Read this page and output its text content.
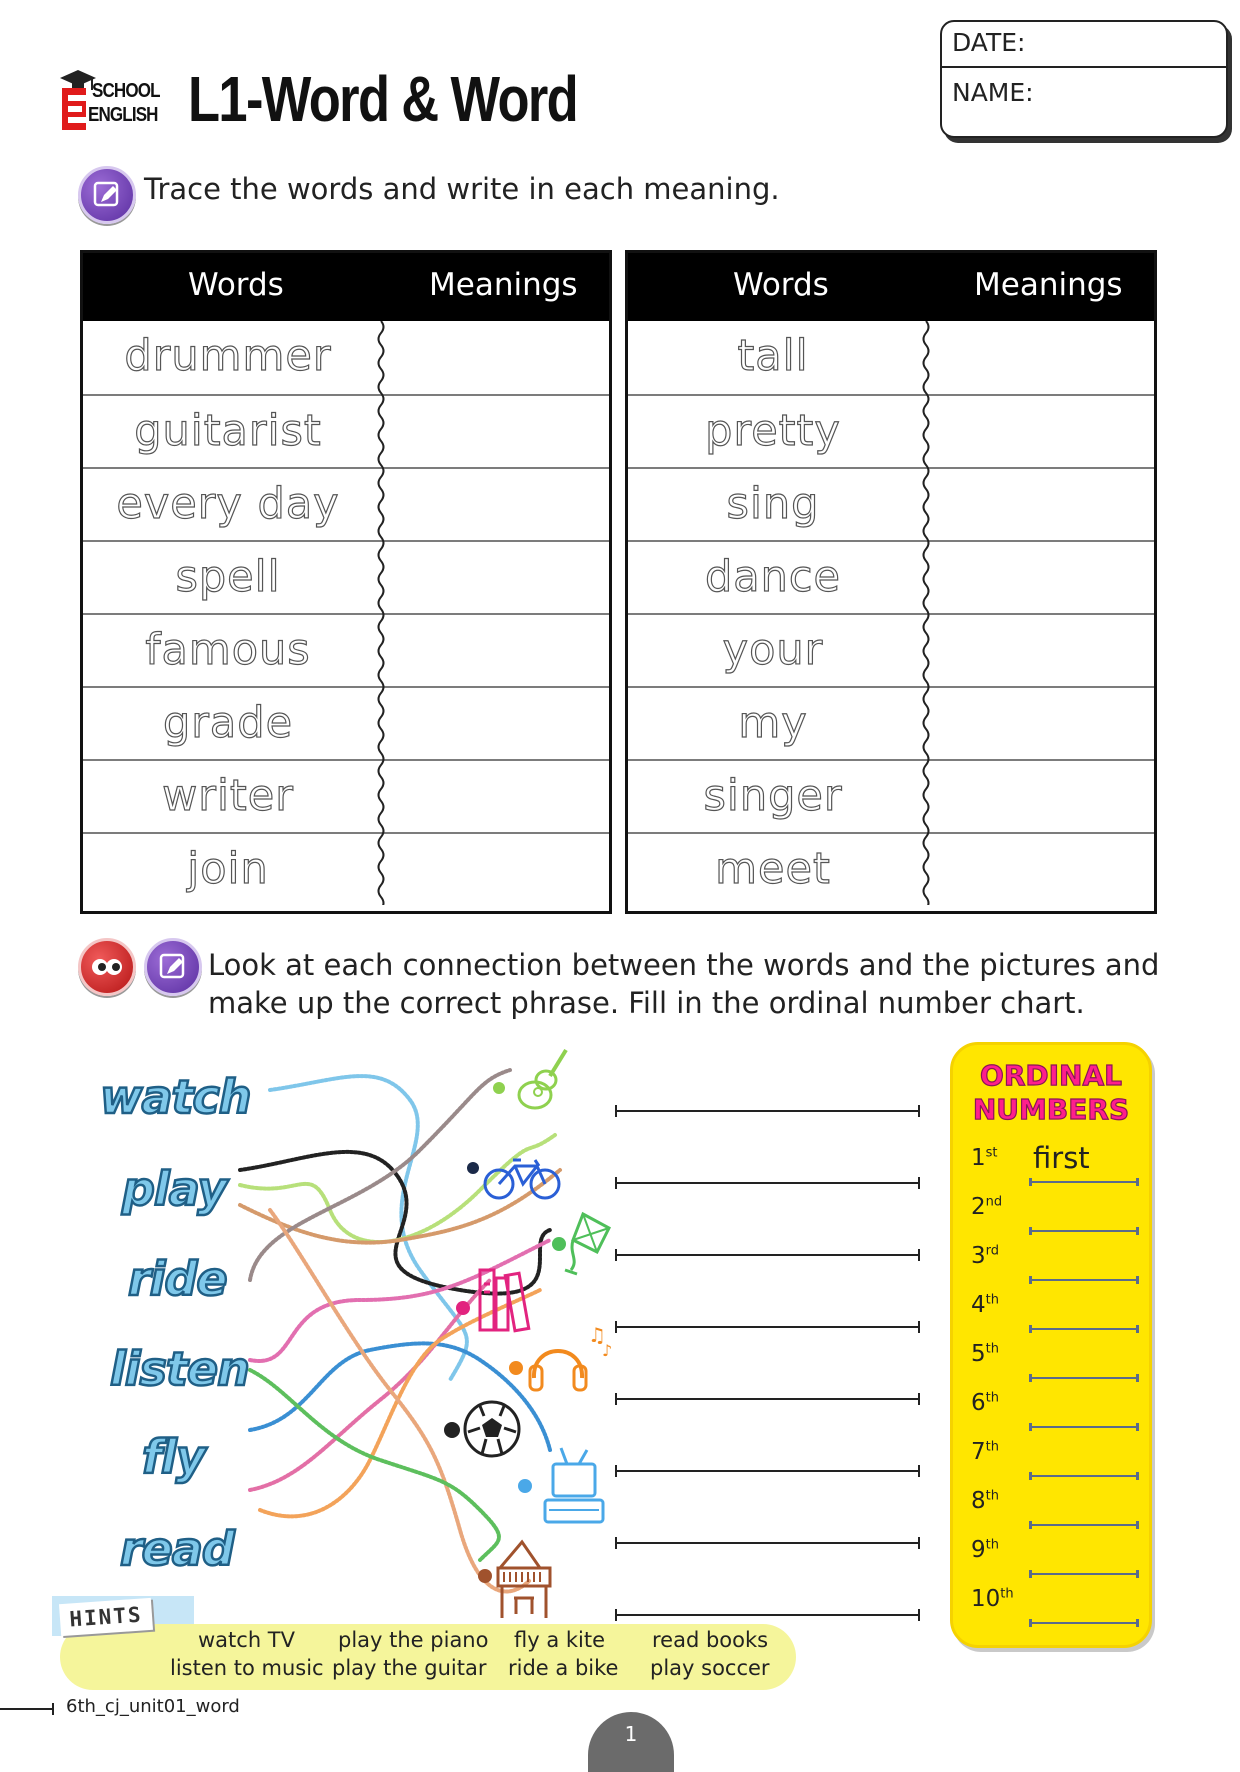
SCHOOL
ENGLISH L1-Word & Word
DATE:
NAME:
Trace the words and write in each meaning.
Words	Meanings
drummer
guitarist
every day
spell
famous
grade
writer
join
Words	Meanings
tall
pretty
sing
dance
your
my
singer
meet
Look at each connection between the words and the pictures and
make up the correct phrase. Fill in the ordinal number chart.
watch
play
ride
listen
fly
read
♫
♪
ORDINAL
NUMBERS
1st first
2nd
3rd
4th
5th
6th
7th
8th
9th
10th
watch TV
listen to music
play the piano
play the guitar
fly a kite
ride a bike
read books
play soccer
HINTS
6th_cj_unit01_word
1
